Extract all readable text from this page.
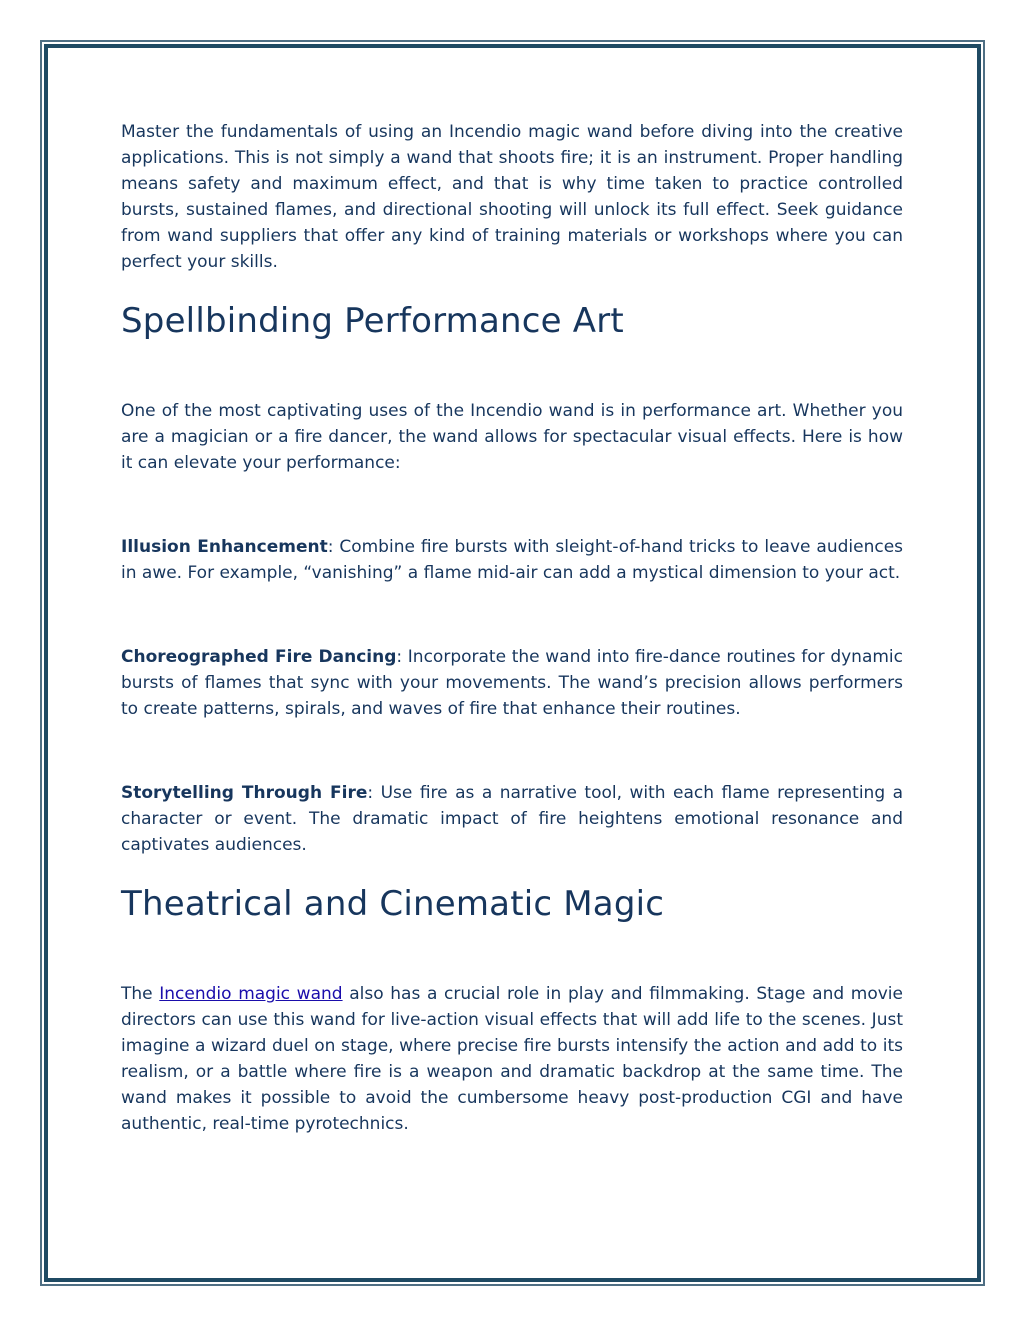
Master the fundamentals of using an Incendio magic wand before diving into the creative applications. This is not simply a wand that shoots fire; it is an instrument. Proper handling means safety and maximum effect, and that is why time taken to practice controlled bursts, sustained flames, and directional shooting will unlock its full effect. Seek guidance from wand suppliers that offer any kind of training materials or workshops where you can perfect your skills.

Spellbinding Performance Art

One of the most captivating uses of the Incendio wand is in performance art. Whether you are a magician or a fire dancer, the wand allows for spectacular visual effects. Here is how it can elevate your performance:

Illusion Enhancement: Combine fire bursts with sleight-of-hand tricks to leave audiences in awe. For example, “vanishing” a flame mid-air can add a mystical dimension to your act.

Choreographed Fire Dancing: Incorporate the wand into fire-dance routines for dynamic bursts of flames that sync with your movements. The wand’s precision allows performers to create patterns, spirals, and waves of fire that enhance their routines.

Storytelling Through Fire: Use fire as a narrative tool, with each flame representing a character or event. The dramatic impact of fire heightens emotional resonance and captivates audiences.

Theatrical and Cinematic Magic

The Incendio magic wand also has a crucial role in play and filmmaking. Stage and movie directors can use this wand for live-action visual effects that will add life to the scenes. Just imagine a wizard duel on stage, where precise fire bursts intensify the action and add to its realism, or a battle where fire is a weapon and dramatic backdrop at the same time. The wand makes it possible to avoid the cumbersome heavy post-production CGI and have authentic, real-time pyrotechnics.
